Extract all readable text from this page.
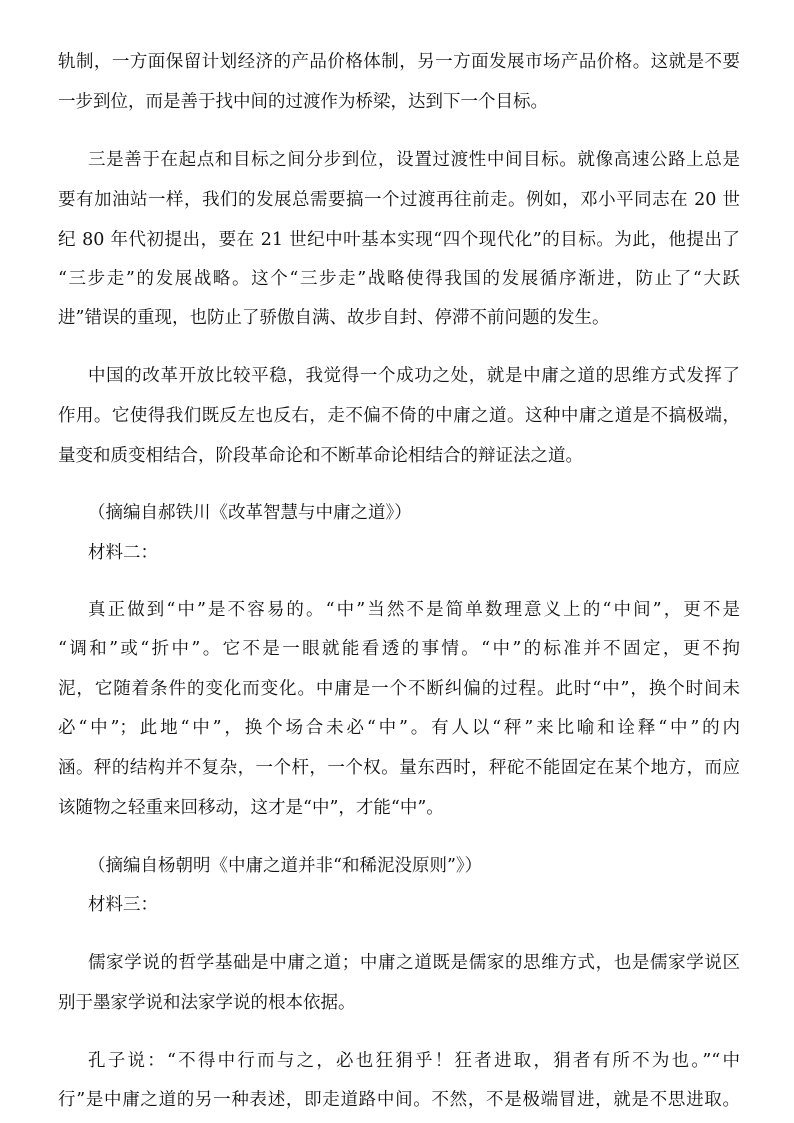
轨制，一方面保留计划经济的产品价格体制，另一方面发展市场产品价格。这就是不要
一步到位，而是善于找中间的过渡作为桥梁，达到下一个目标。
三是善于在起点和目标之间分步到位，设置过渡性中间目标。就像高速公路上总是
要有加油站一样，我们的发展总需要搞一个过渡再往前走。例如，邓小平同志在 20 世
纪 80 年代初提出，要在 21 世纪中叶基本实现“四个现代化”的目标。为此，他提出了
“三步走”的发展战略。这个“三步走”战略使得我国的发展循序渐进，防止了“大跃
进”错误的重现，也防止了骄傲自满、故步自封、停滞不前问题的发生。
中国的改革开放比较平稳，我觉得一个成功之处，就是中庸之道的思维方式发挥了
作用。它使得我们既反左也反右，走不偏不倚的中庸之道。这种中庸之道是不搞极端，
量变和质变相结合，阶段革命论和不断革命论相结合的辩证法之道。
（摘编自郝铁川《改革智慧与中庸之道》）
材料二：
真正做到“中”是不容易的。“中”当然不是简单数理意义上的“中间”，更不是
“调和”或“折中”。它不是一眼就能看透的事情。“中”的标准并不固定，更不拘
泥，它随着条件的变化而变化。中庸是一个不断纠偏的过程。此时“中”，换个时间未
必“中”；此地“中”，换个场合未必“中”。有人以“秤”来比喻和诠释“中”的内
涵。秤的结构并不复杂，一个杆，一个权。量东西时，秤砣不能固定在某个地方，而应
该随物之轻重来回移动，这才是“中”，才能“中”。
（摘编自杨朝明《中庸之道并非“和稀泥没原则”》）
材料三：
儒家学说的哲学基础是中庸之道；中庸之道既是儒家的思维方式，也是儒家学说区
别于墨家学说和法家学说的根本依据。
孔子说：“不得中行而与之，必也狂狷乎！狂者进取，狷者有所不为也。”“中
行”是中庸之道的另一种表述，即走道路中间。不然，不是极端冒进，就是不思进取。
